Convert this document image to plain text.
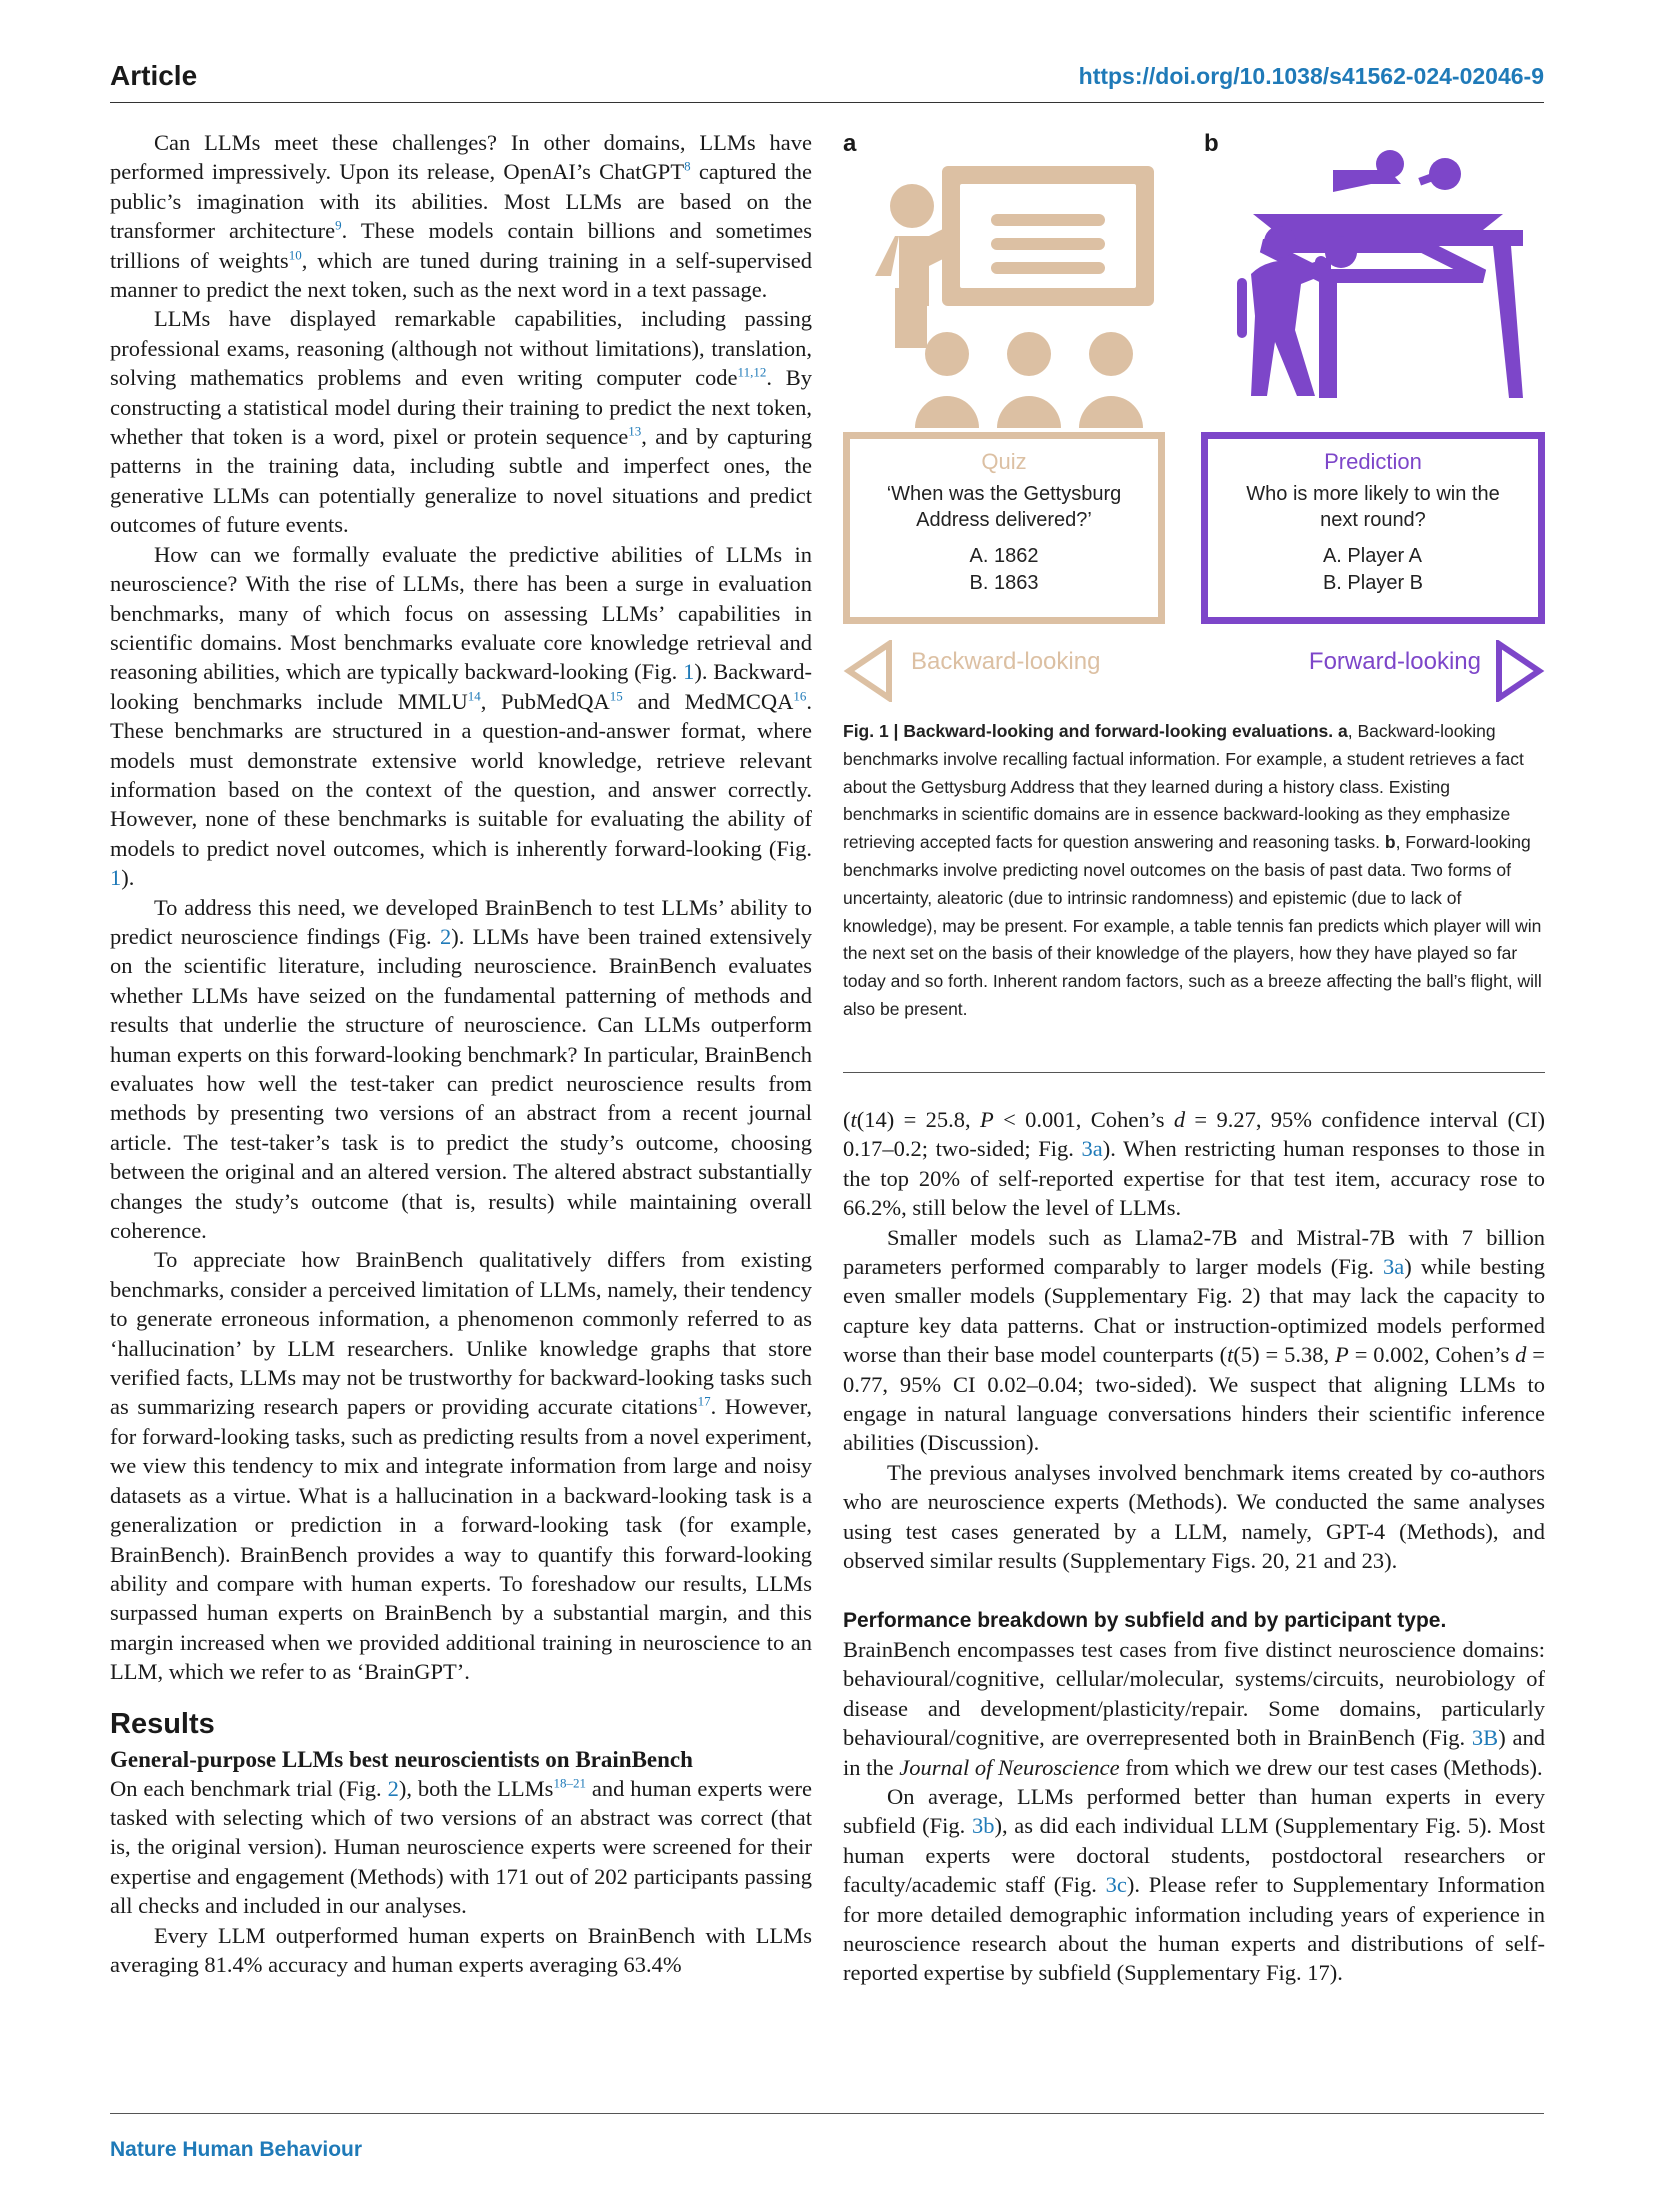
Article	https://doi.org/10.1038/s41562-024-02046-9

Can LLMs meet these challenges? In other domains, LLMs have performed impressively. Upon its release, OpenAI’s ChatGPT$^8$ captured the public’s imagination with its abilities. Most LLMs are based on the transformer architecture$^9$. These models contain billions and sometimes trillions of weights$^{10}$, which are tuned during training in a self-supervised manner to predict the next token, such as the next word in a text passage.

LLMs have displayed remarkable capabilities, including passing professional exams, reasoning (although not without limitations), translation, solving mathematics problems and even writing computer code$^{11,12}$. By constructing a statistical model during their training to predict the next token, whether that token is a word, pixel or protein sequence$^{13}$, and by capturing patterns in the training data, including subtle and imperfect ones, the generative LLMs can potentially generalize to novel situations and predict outcomes of future events.

How can we formally evaluate the predictive abilities of LLMs in neuroscience? With the rise of LLMs, there has been a surge in evaluation benchmarks, many of which focus on assessing LLMs’ capabilities in scientific domains. Most benchmarks evaluate core knowledge retrieval and reasoning abilities, which are typically backward-looking (Fig. 1). Backward-looking benchmarks include MMLU$^{14}$, PubMedQA$^{15}$ and MedMCQA$^{16}$. These benchmarks are structured in a question-and-answer format, where models must demonstrate extensive world knowledge, retrieve relevant information based on the context of the question, and answer correctly. However, none of these benchmarks is suitable for evaluating the ability of models to predict novel outcomes, which is inherently forward-looking (Fig. 1).

To address this need, we developed BrainBench to test LLMs’ ability to predict neuroscience findings (Fig. 2). LLMs have been trained extensively on the scientific literature, including neuroscience. BrainBench evaluates whether LLMs have seized on the fundamental patterning of methods and results that underlie the structure of neuroscience. Can LLMs outperform human experts on this forward-looking benchmark? In particular, BrainBench evaluates how well the test-taker can predict neuroscience results from methods by presenting two versions of an abstract from a recent journal article. The test-taker’s task is to predict the study’s outcome, choosing between the original and an altered version. The altered abstract substantially changes the study’s outcome (that is, results) while maintaining overall coherence.

To appreciate how BrainBench qualitatively differs from existing benchmarks, consider a perceived limitation of LLMs, namely, their tendency to generate erroneous information, a phenomenon commonly referred to as ‘hallucination’ by LLM researchers. Unlike knowledge graphs that store verified facts, LLMs may not be trustworthy for backward-looking tasks such as summarizing research papers or providing accurate citations$^{17}$. However, for forward-looking tasks, such as predicting results from a novel experiment, we view this tendency to mix and integrate information from large and noisy datasets as a virtue. What is a hallucination in a backward-looking task is a generalization or prediction in a forward-looking task (for example, BrainBench). BrainBench provides a way to quantify this forward-looking ability and compare with human experts. To foreshadow our results, LLMs surpassed human experts on BrainBench by a substantial margin, and this margin increased when we provided additional training in neuroscience to an LLM, which we refer to as ‘BrainGPT’.

Results
General-purpose LLMs best neuroscientists on BrainBench

On each benchmark trial (Fig. 2), both the LLMs$^{18-21}$ and human experts were tasked with selecting which of two versions of an abstract was correct (that is, the original version). Human neuroscience experts were screened for their expertise and engagement (Methods) with 171 out of 202 participants passing all checks and included in our analyses.

Every LLM outperformed human experts on BrainBench with LLMs averaging 81.4% accuracy and human experts averaging 63.4%

a	b
Quiz
‘When was the Gettysburg Address delivered?’
A. 1862
B. 1863
Prediction
Who is more likely to win the next round?
A. Player A
B. Player B
Backward-looking	Forward-looking

Fig. 1 | Backward-looking and forward-looking evaluations. a, Backward-looking benchmarks involve recalling factual information. For example, a student retrieves a fact about the Gettysburg Address that they learned during a history class. Existing benchmarks in scientific domains are in essence backward-looking as they emphasize retrieving accepted facts for question answering and reasoning tasks. b, Forward-looking benchmarks involve predicting novel outcomes on the basis of past data. Two forms of uncertainty, aleatoric (due to intrinsic randomness) and epistemic (due to lack of knowledge), may be present. For example, a table tennis fan predicts which player will win the next set on the basis of their knowledge of the players, how they have played so far today and so forth. Inherent random factors, such as a breeze affecting the ball’s flight, will also be present.

(t(14) = 25.8, P < 0.001, Cohen’s d = 9.27, 95% confidence interval (CI) 0.17–0.2; two-sided; Fig. 3a). When restricting human responses to those in the top 20% of self-reported expertise for that test item, accuracy rose to 66.2%, still below the level of LLMs.

Smaller models such as Llama2-7B and Mistral-7B with 7 billion parameters performed comparably to larger models (Fig. 3a) while besting even smaller models (Supplementary Fig. 2) that may lack the capacity to capture key data patterns. Chat or instruction-optimized models performed worse than their base model counterparts (t(5) = 5.38, P = 0.002, Cohen’s d = 0.77, 95% CI 0.02–0.04; two-sided). We suspect that aligning LLMs to engage in natural language conversations hinders their scientific inference abilities (Discussion).

The previous analyses involved benchmark items created by co-authors who are neuroscience experts (Methods). We conducted the same analyses using test cases generated by a LLM, namely, GPT-4 (Methods), and observed similar results (Supplementary Figs. 20, 21 and 23).

Performance breakdown by subfield and by participant type.

BrainBench encompasses test cases from five distinct neuroscience domains: behavioural/cognitive, cellular/molecular, systems/circuits, neurobiology of disease and development/plasticity/repair. Some domains, particularly behavioural/cognitive, are overrepresented both in BrainBench (Fig. 3B) and in the Journal of Neuroscience from which we drew our test cases (Methods).

On average, LLMs performed better than human experts in every subfield (Fig. 3b), as did each individual LLM (Supplementary Fig. 5). Most human experts were doctoral students, postdoctoral researchers or faculty/academic staff (Fig. 3c). Please refer to Supplementary Information for more detailed demographic information including years of experience in neuroscience research about the human experts and distributions of self-reported expertise by subfield (Supplementary Fig. 17).

Nature Human Behaviour
